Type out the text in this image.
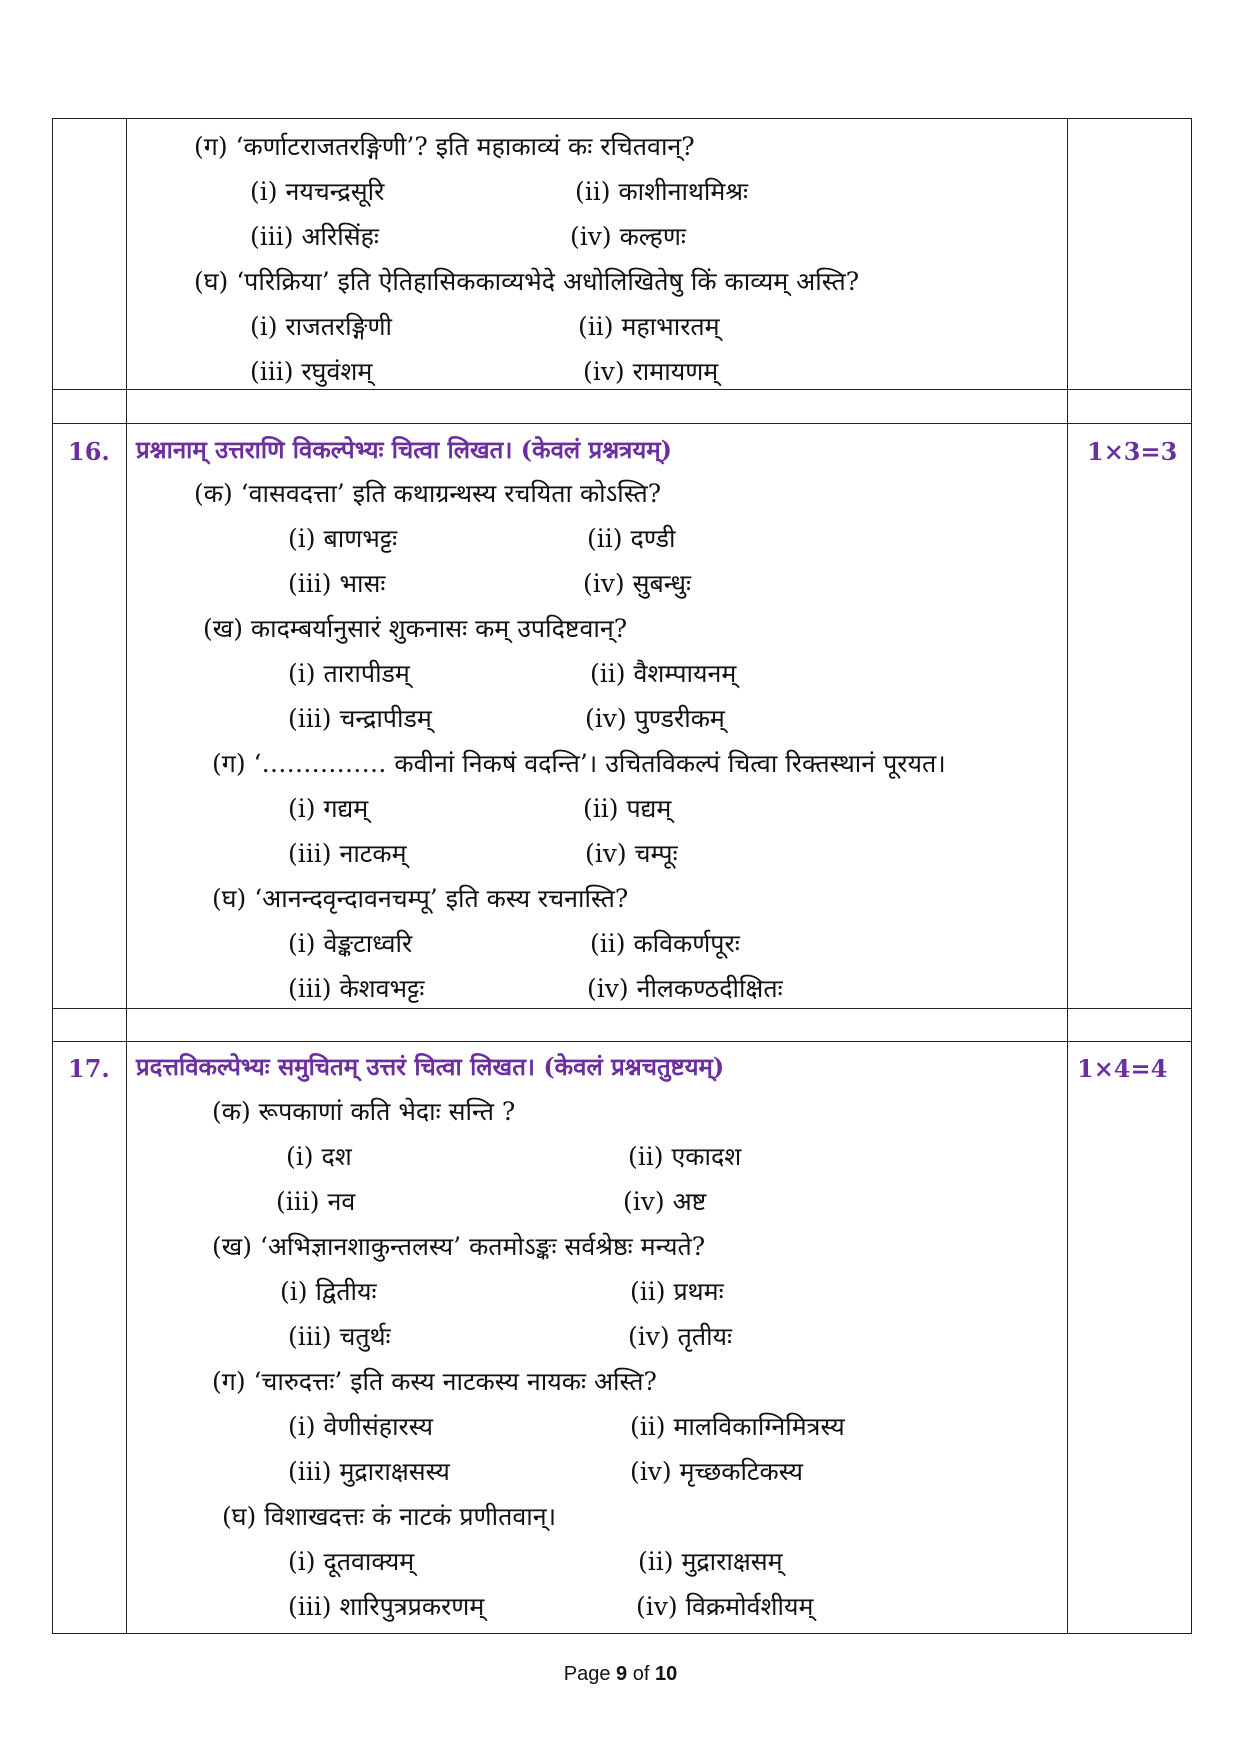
(ग) ‘कर्णाटराजतरङ्गिणी’? इति महाकाव्यं कः रचितवान्?
(i) नयचन्द्रसूरि	(ii) काशीनाथमिश्रः
(iii) अरिसिंहः	(iv) कल्हणः
(घ) ‘परिक्रिया’ इति ऐतिहासिककाव्यभेदे अधोलिखितेषु किं काव्यम् अस्ति?
(i) राजतरङ्गिणी	(ii) महाभारतम्
(iii) रघुवंशम्	(iv) रामायणम्
16. प्रश्नानाम् उत्तराणि विकल्पेभ्यः चित्वा लिखत। (केवलं प्रश्नत्रयम्)	1×3=3
(क) ‘वासवदत्ता’ इति कथाग्रन्थस्य रचयिता कोऽस्ति?
(i) बाणभट्टः	(ii) दण्डी
(iii) भासः	(iv) सुबन्धुः
(ख) कादम्बर्यानुसारं शुकनासः कम् उपदिष्टवान्?
(i) तारापीडम्	(ii) वैशम्पायनम्
(iii) चन्द्रापीडम्	(iv) पुण्डरीकम्
(ग) ‘…………… कवीनां निकषं वदन्ति’। उचितविकल्पं चित्वा रिक्तस्थानं पूरयत।
(i) गद्यम्	(ii) पद्यम्
(iii) नाटकम्	(iv) चम्पूः
(घ) ‘आनन्दवृन्दावनचम्पू’ इति कस्य रचनास्ति?
(i) वेङ्कटाध्वरि	(ii) कविकर्णपूरः
(iii) केशवभट्टः	(iv) नीलकण्ठदीक्षितः
17. प्रदत्तविकल्पेभ्यः समुचितम् उत्तरं चित्वा लिखत। (केवलं प्रश्नचतुष्टयम्)	1×4=4
(क) रूपकाणां कति भेदाः सन्ति ?
(i) दश	(ii) एकादश
(iii) नव	(iv) अष्ट
(ख) ‘अभिज्ञानशाकुन्तलस्य’ कतमोऽङ्कः सर्वश्रेष्ठः मन्यते?
(i) द्वितीयः	(ii) प्रथमः
(iii) चतुर्थः	(iv) तृतीयः
(ग) ‘चारुदत्तः’ इति कस्य नाटकस्य नायकः अस्ति?
(i) वेणीसंहारस्य	(ii) मालविकाग्निमित्रस्य
(iii) मुद्राराक्षसस्य	(iv) मृच्छकटिकस्य
(घ) विशाखदत्तः कं नाटकं प्रणीतवान्।
(i) दूतवाक्यम्	(ii) मुद्राराक्षसम्
(iii) शारिपुत्रप्रकरणम्	(iv) विक्रमोर्वशीयम्
Page 9 of 10
